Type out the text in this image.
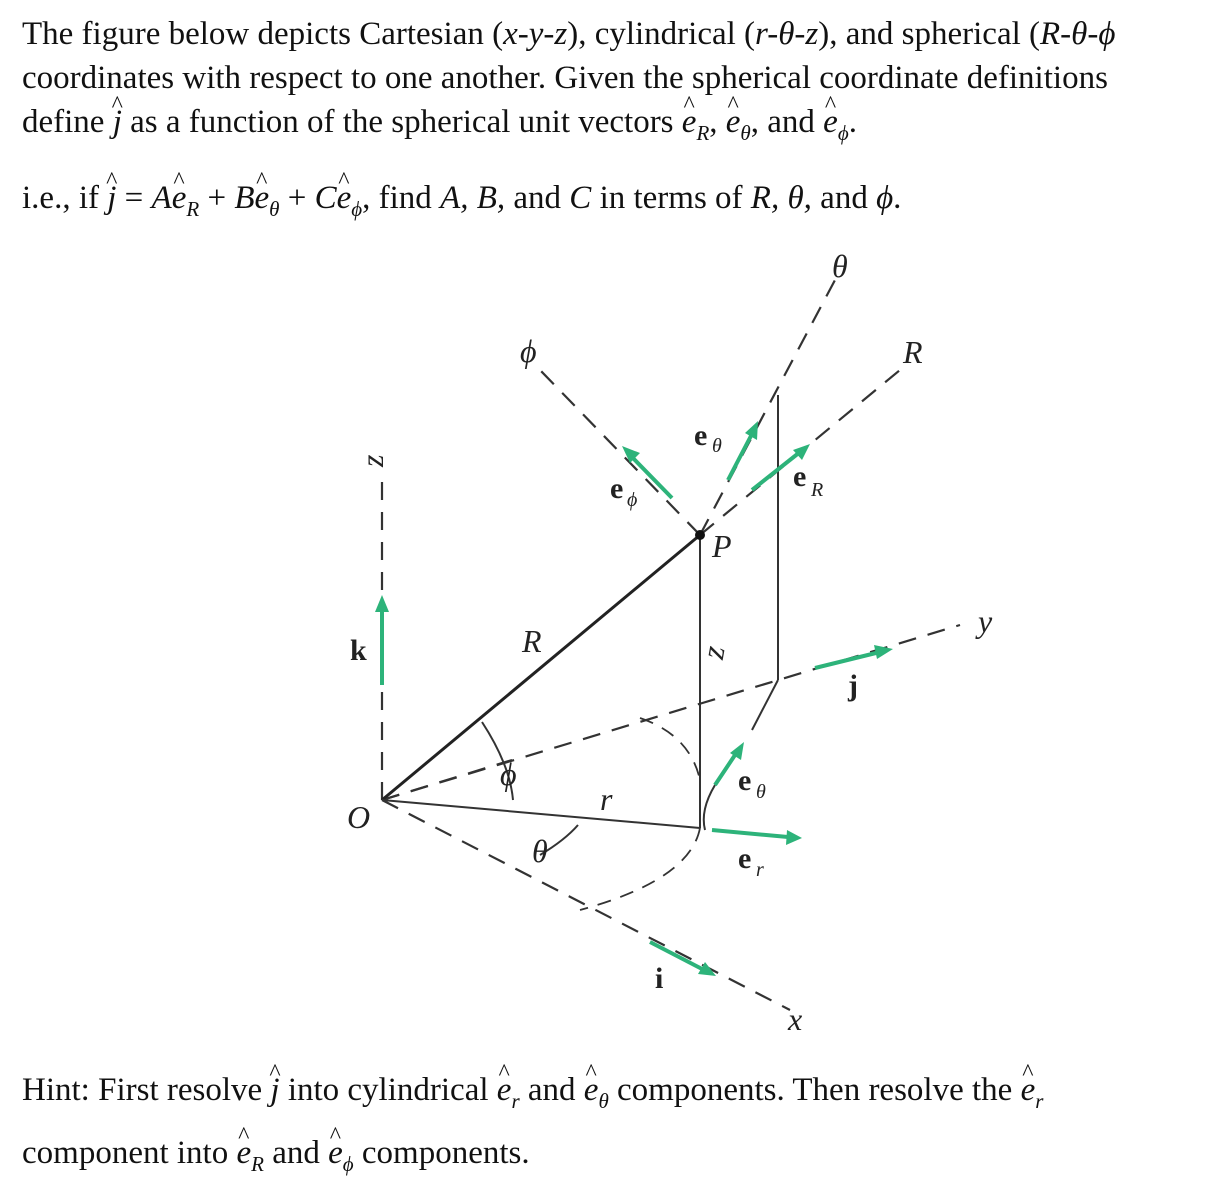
The figure below depicts Cartesian (x-y-z), cylindrical (r-θ-z), and spherical (R-θ-ϕ
coordinates with respect to one another. Given the spherical coordinate definitions
define ^ j as a function of the spherical unit vectors ^ $e_R$, ^ $e_\theta$, and ^ $e_\phi$.
i.e., if ^ j = A^ $e_R$ + B^ $e_\theta$ + C^ $e_\phi$, find A, B, and C in terms of R, θ, and ϕ.
θ
R
ϕ
e θ
e ϕ
e R
P
z
k	R	z
y
j
ϕ
r
e θ
O
θ	e r
i
x
Hint: First resolve ^ j into cylindrical ^ $e_r$ and ^ $e_\theta$ components. Then resolve the ^ $e_r$
component into ^ $e_R$ and ^ $e_\phi$ components.
